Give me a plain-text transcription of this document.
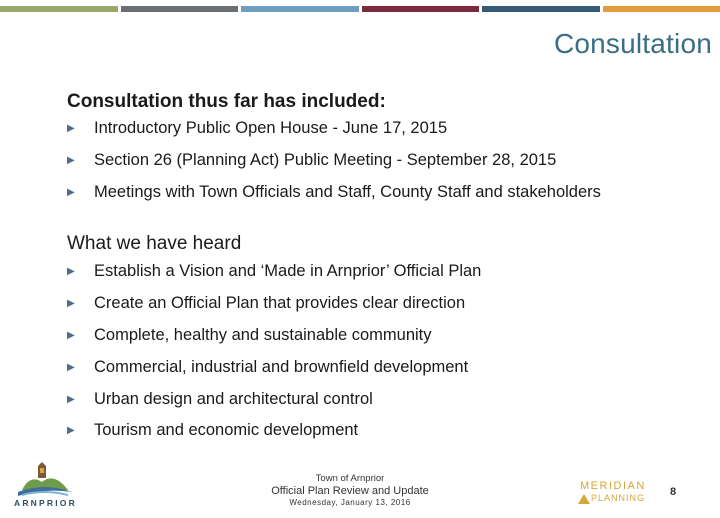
Consultation
Consultation thus far has included:
▶	Introductory Public Open House - June 17, 2015
▶	Section 26 (Planning Act) Public Meeting - September 28, 2015
▶	Meetings with Town Officials and Staff, County Staff and stakeholders
What we have heard
▶	Establish a Vision and ‘Made in Arnprior’ Official Plan
▶	Create an Official Plan that provides clear direction
▶	Complete, healthy and sustainable community
▶	Commercial, industrial and brownfield development
▶	Urban design and architectural control
▶	Tourism and economic development
ARNPRIOR
Town of Arnprior
Official Plan Review and Update
Wednesday, January 13, 2016
MERIDIAN
PLANNING 8
